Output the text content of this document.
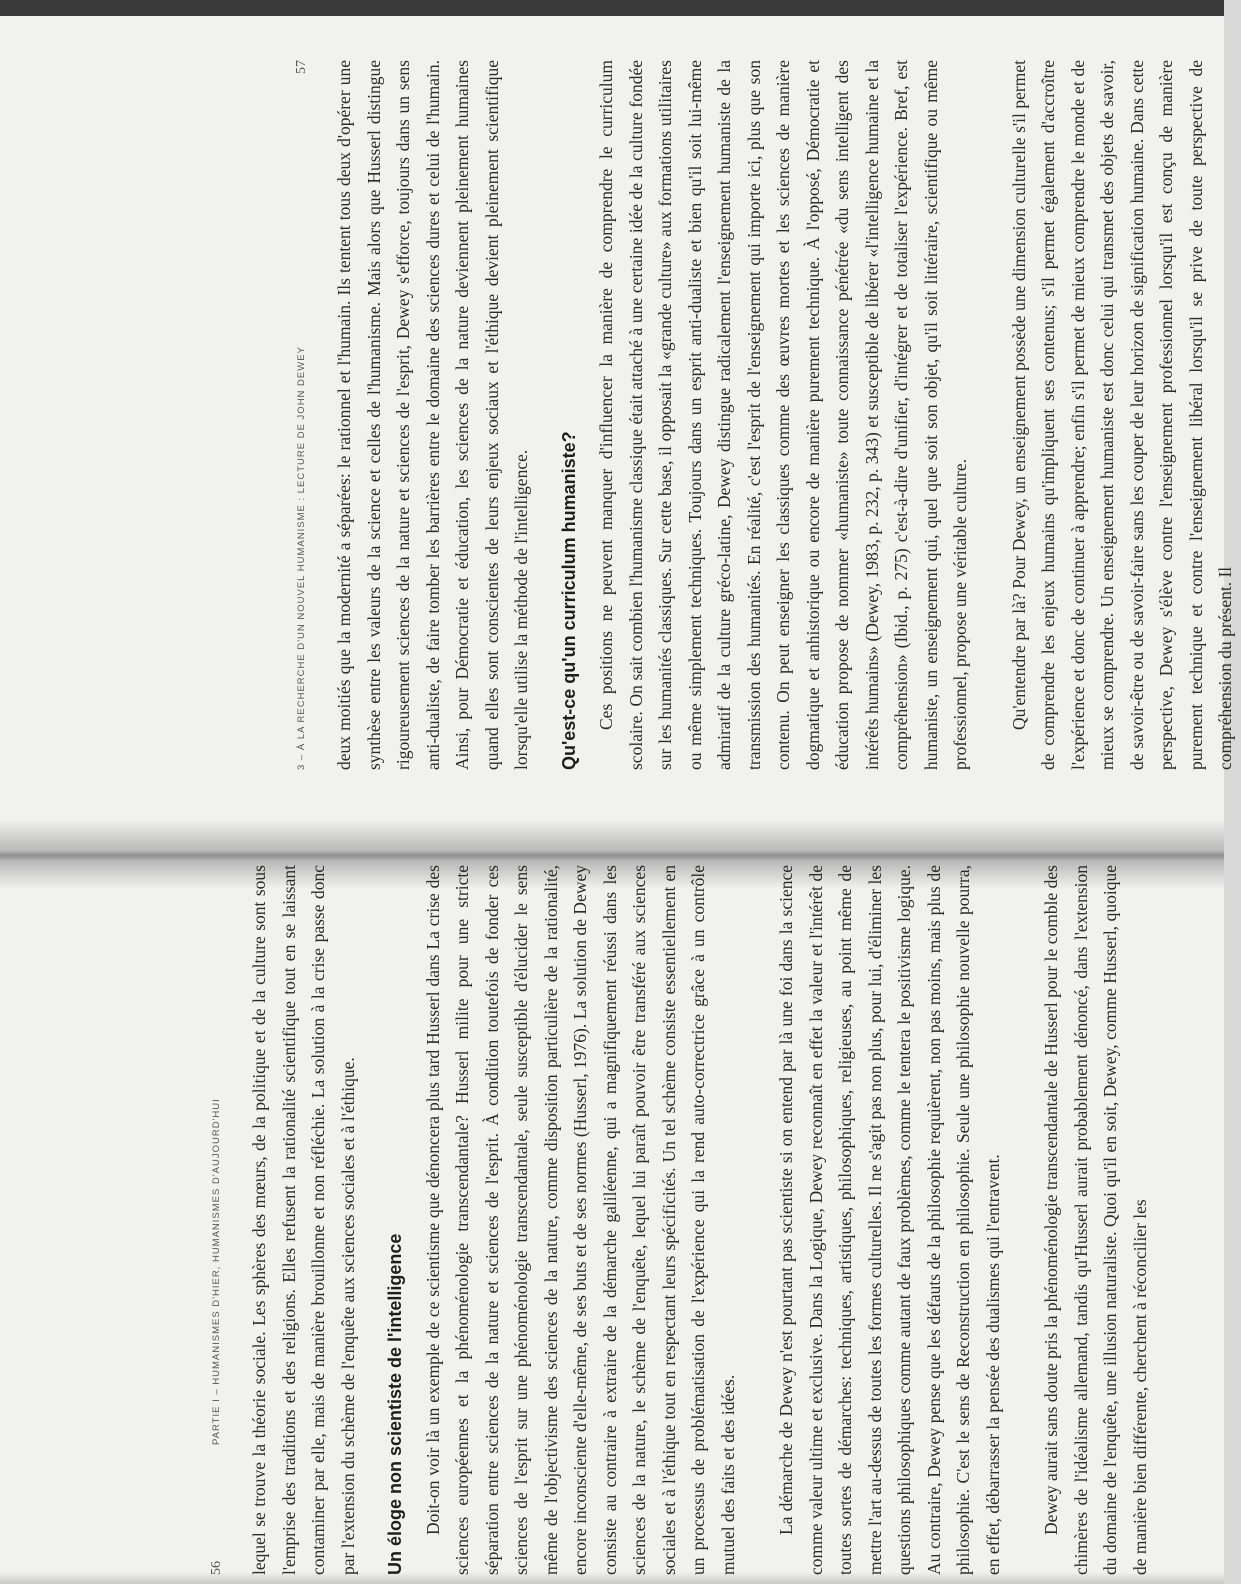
56
PARTIE I – HUMANISMES D'HIER, HUMANISMES D'AUJOURD'HUI lequel se trouve la théorie sociale. Les sphères des mœurs, de la politique et de la culture sont sous l'emprise des traditions et des religions. Elles refusent la rationalité scientifique tout en se laissant contaminer par elle, mais de manière brouillonne et non réfléchie. La solution à la crise passe donc par l'extension du schème de l'enquête aux sciences sociales et à l'éthique.	Un éloge non scientiste de l'intelligence	Doit-on voir là un exemple de ce scientisme que dénoncera plus tard Husserl dans La crise des sciences européennes et la phénoménologie transcendantale? Husserl milite pour une stricte séparation entre sciences de la nature et sciences de l'esprit. À condition toutefois de fonder ces sciences de l'esprit sur une phénoménologie transcendantale, seule susceptible d'élucider le sens même de l'objectivisme des sciences de la nature, comme disposition particulière de la rationalité, encore inconsciente d'elle-même, de ses buts et de ses normes (Husserl, 1976). La solution de Dewey consiste au contraire à extraire de la démarche galiléenne, qui a magnifiquement réussi dans les sciences de la nature, le schème de l'enquête, lequel lui paraît pouvoir être transféré aux sciences sociales et à l'éthique tout en respectant leurs spécificités. Un tel schème consiste essentiellement en un processus de problématisation de l'expérience qui la rend auto-correctrice grâce à un contrôle mutuel des faits et des idées.	La démarche de Dewey n'est pourtant pas scientiste si on entend par là une foi dans la science comme valeur ultime et exclusive. Dans la Logique, Dewey reconnaît en effet la valeur et l'intérêt de toutes sortes de démarches: techniques, artistiques, philosophiques, religieuses, au point même de mettre l'art au-dessus de toutes les formes culturelles. Il ne s'agit pas non plus, pour lui, d'éliminer les questions philosophiques comme autant de faux problèmes, comme le tentera le positivisme logique. Au contraire, Dewey pense que les défauts de la philosophie requièrent, non pas moins, mais plus de philosophie. C'est le sens de Reconstruction en philosophie. Seule une philosophie nouvelle pourra, en effet, débarrasser la pensée des dualismes qui l'entravent.	Dewey aurait sans doute pris la phénoménologie transcendantale de Husserl pour le comble des chimères de l'idéalisme allemand, tandis qu'Husserl aurait probablement dénoncé, dans l'extension du domaine de l'enquête, une illusion naturaliste. Quoi qu'il en soit, Dewey, comme Husserl, quoique de manière bien différente, cherchent à réconcilier les

3 – À LA RECHERCHE D'UN NOUVEL HUMANISME : LECTURE DE JOHN DEWEY
57 deux moitiés que la modernité a séparées: le rationnel et l'humain. Ils tentent tous deux d'opérer une synthèse entre les valeurs de la science et celles de l'humanisme. Mais alors que Husserl distingue rigoureusement sciences de la nature et sciences de l'esprit, Dewey s'efforce, toujours dans un sens anti-dualiste, de faire tomber les barrières entre le domaine des sciences dures et celui de l'humain. Ainsi, pour Démocratie et éducation, les sciences de la nature deviennent pleinement humaines quand elles sont conscientes de leurs enjeux sociaux et l'éthique devient pleinement scientifique lorsqu'elle utilise la méthode de l'intelligence.	Qu'est-ce qu'un curriculum humaniste?	Ces positions ne peuvent manquer d'influencer la manière de comprendre le curriculum scolaire. On sait combien l'humanisme classique était attaché à une certaine idée de la culture fondée sur les humanités classiques. Sur cette base, il opposait la «grande culture» aux formations utilitaires ou même simplement techniques. Toujours dans un esprit anti-dualiste et bien qu'il soit lui-même admiratif de la culture gréco-latine, Dewey distingue radicalement l'enseignement humaniste de la transmission des humanités. En réalité, c'est l'esprit de l'enseignement qui importe ici, plus que son contenu. On peut enseigner les classiques comme des œuvres mortes et les sciences de manière dogmatique et anhistorique ou encore de manière purement technique. À l'opposé, Démocratie et éducation propose de nommer «humaniste» toute connaissance pénétrée «du sens intelligent des intérêts humains» (Dewey, 1983, p. 232, p. 343) et susceptible de libérer «l'intelligence humaine et la compréhension» (Ibid., p. 275) c'est-à-dire d'unifier, d'intégrer et de totaliser l'expérience. Bref, est humaniste, un enseignement qui, quel que soit son objet, qu'il soit littéraire, scientifique ou même professionnel, propose une véritable culture.	Qu'entendre par là? Pour Dewey, un enseignement possède une dimension culturelle s'il permet de comprendre les enjeux humains qu'impliquent ses contenus; s'il permet également d'accroître l'expérience et donc de continuer à apprendre; enfin s'il permet de mieux comprendre le monde et de mieux se comprendre. Un enseignement humaniste est donc celui qui transmet des objets de savoir, de savoir-être ou de savoir-faire sans les couper de leur horizon de signification humaine. Dans cette perspective, Dewey s'élève contre l'enseignement professionnel lorsqu'il est conçu de manière purement technique et contre l'enseignement libéral lorsqu'il se prive de toute perspective de compréhension du présent. Il
